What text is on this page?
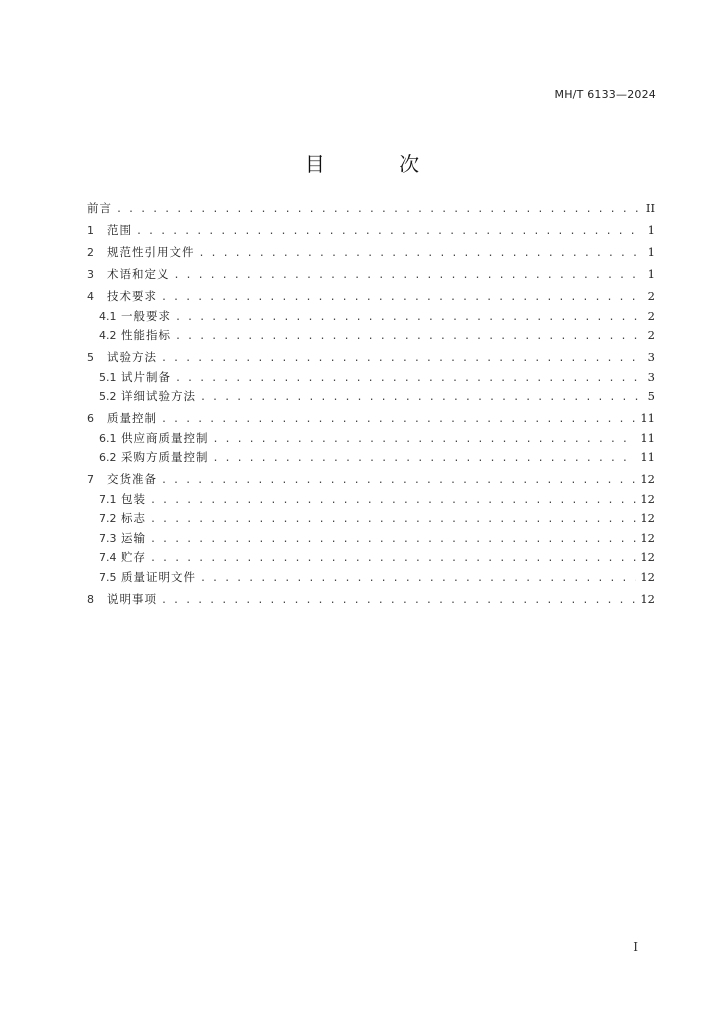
MH/T 6133—2024
目 次
前言 . . .	II
1	范围 . . .	1
2	规范性引用文件 . . .	1
3	术语和定义 . . .	1
4	技术要求 . . .	2
4.1 一般要求 . . .	2
4.2 性能指标 . . .	2
5	试验方法 . . .	3
5.1 试片制备 . . .	3
5.2 详细试验方法 . . .	5
6	质量控制 . . .	11
6.1 供应商质量控制 . . .	11
6.2 采购方质量控制 . . .	11
7	交货准备 . . .	12
7.1 包装 . . .	12
7.2 标志 . . .	12
7.3 运输 . . .	12
7.4 贮存 . . .	12
7.5 质量证明文件 . . .	12
8	说明事项 . . .	12
I
